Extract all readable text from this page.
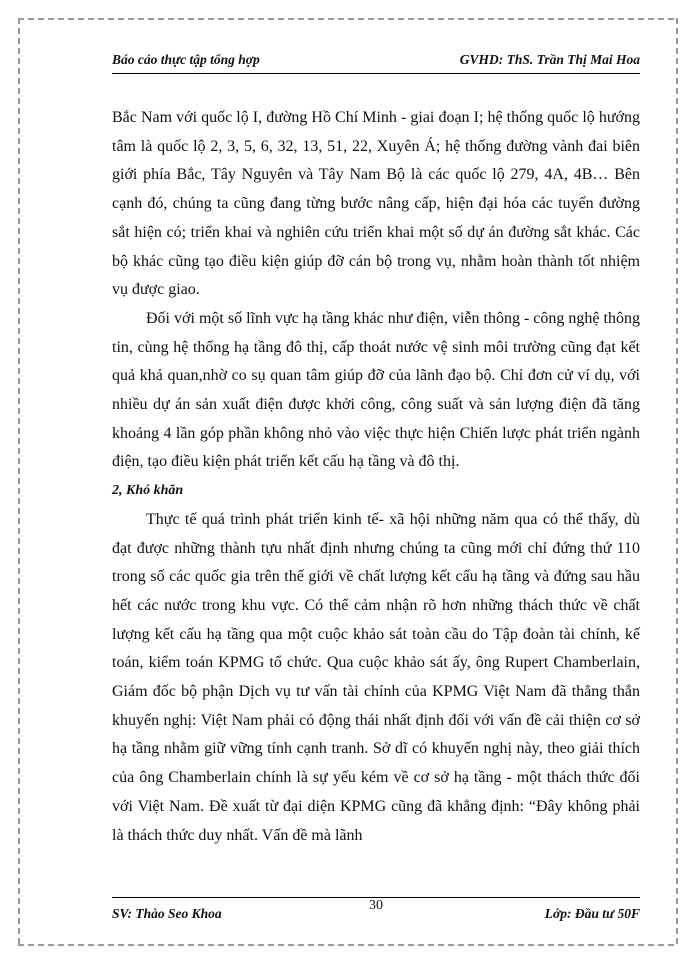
Báo cáo thực tập tổng hợp	GVHD: ThS. Trần Thị Mai Hoa

Bắc Nam với quốc lộ I, đường Hồ Chí Minh - giai đoạn I; hệ thống quốc lộ hướng tâm là quốc lộ 2, 3, 5, 6, 32, 13, 51, 22, Xuyên Á; hệ thống đường vành đai biên giới phía Bắc, Tây Nguyên và Tây Nam Bộ là các quốc lộ 279, 4A, 4B… Bên cạnh đó, chúng ta cũng đang từng bước nâng cấp, hiện đại hóa các tuyến đường sắt hiện có; triển khai và nghiên cứu triển khai một số dự án đường sắt khác. Các bộ khác cũng tạo điều kiện giúp đỡ cán bộ trong vụ, nhằm hoàn thành tốt nhiệm vụ được giao.

Đối với một số lĩnh vực hạ tầng khác như điện, viễn thông - công nghệ thông tin, cùng hệ thống hạ tầng đô thị, cấp thoát nước vệ sinh môi trường cũng đạt kết quả khả quan,nhờ co sụ quan tâm giúp đỡ của lãnh đạo bộ. Chỉ đơn cử ví dụ, với nhiều dự án sản xuất điện được khởi công, công suất và sản lượng điện đã tăng khoảng 4 lần góp phần không nhỏ vào việc thực hiện Chiến lược phát triển ngành điện, tạo điều kiện phát triển kết cấu hạ tầng và đô thị.

2, Khó khăn

Thực tế quá trình phát triển kinh tế- xã hội những năm qua có thể thấy, dù đạt được những thành tựu nhất định nhưng chúng ta cũng mới chỉ đứng thứ 110 trong số các quốc gia trên thế giới về chất lượng kết cấu hạ tầng và đứng sau hầu hết các nước trong khu vực. Có thể cảm nhận rõ hơn những thách thức về chất lượng kết cấu hạ tầng qua một cuộc khảo sát toàn cầu do Tập đoàn tài chính, kế toán, kiểm toán KPMG tổ chức. Qua cuộc khảo sát ấy, ông Rupert Chamberlain, Giám đốc bộ phận Dịch vụ tư vấn tài chính của KPMG Việt Nam đã thẳng thắn khuyến nghị: Việt Nam phải có động thái nhất định đối với vấn đề cải thiện cơ sở hạ tầng nhằm giữ vững tính cạnh tranh. Sở dĩ có khuyến nghị này, theo giải thích của ông Chamberlain chính là sự yếu kém về cơ sở hạ tầng - một thách thức đối với Việt Nam. Đề xuất từ đại diện KPMG cũng đã khẳng định: “Đây không phải là thách thức duy nhất. Vấn đề mà lãnh

SV: Thào Seo Khoa
30
Lớp: Đầu tư 50F
